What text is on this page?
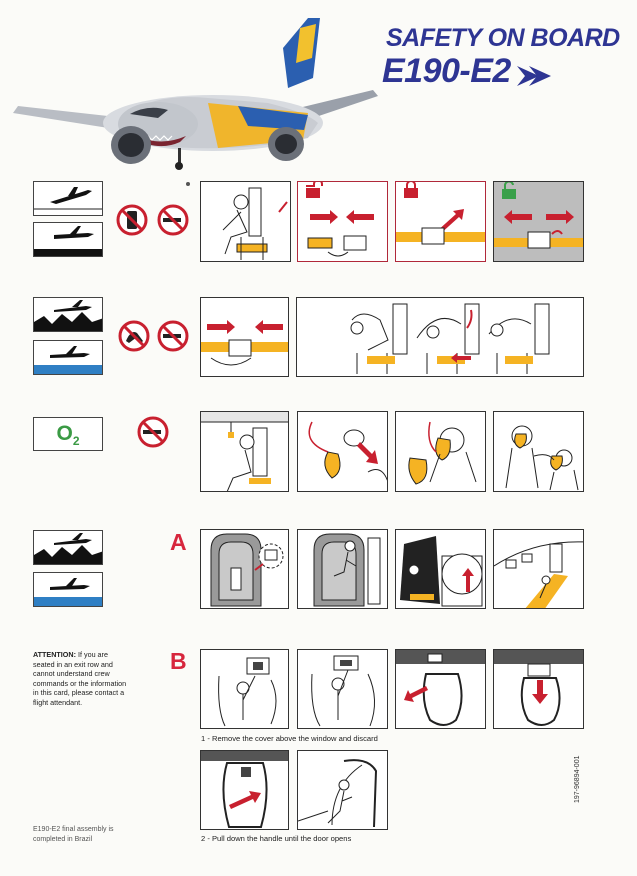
SAFETY ON BOARD
E190-E2
$O_2$
A
ATTENTION: If you are seated in an exit row and cannot understand crew commands or the information in this card, please contact a flight attendant.
B
1 - Remove the cover above the window and discard
2 - Pull down the handle until the door opens
E190-E2 final assembly is completed in Brazil
197-96894-001
